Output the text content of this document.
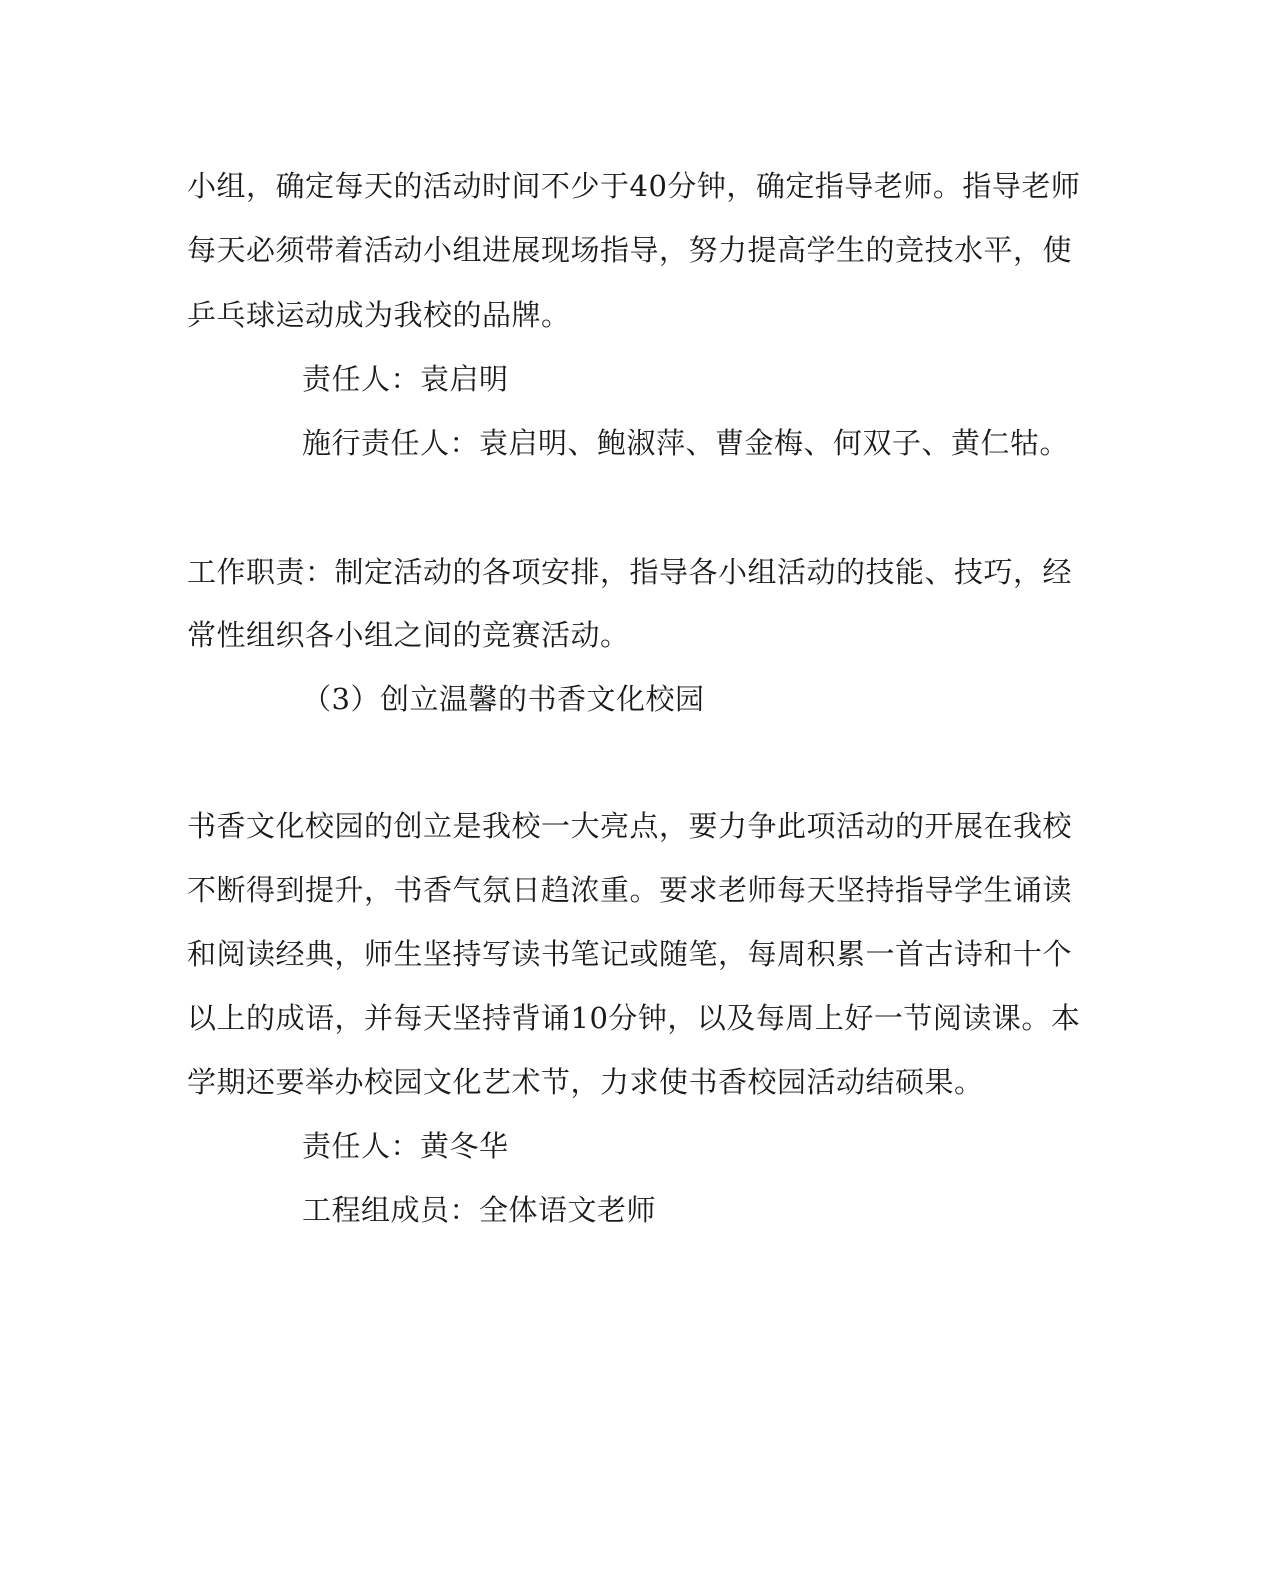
小组，确定每天的活动时间不少于40分钟，确定指导老师。指导老师
每天必须带着活动小组进展现场指导，努力提高学生的竞技水平，使
乒乓球运动成为我校的品牌。
责任人：袁启明
施行责任人：袁启明、鲍淑萍、曹金梅、何双子、黄仁牯。
工作职责：制定活动的各项安排，指导各小组活动的技能、技巧，经
常性组织各小组之间的竞赛活动。
（3）创立温馨的书香文化校园
书香文化校园的创立是我校一大亮点，要力争此项活动的开展在我校
不断得到提升，书香气氛日趋浓重。要求老师每天坚持指导学生诵读
和阅读经典，师生坚持写读书笔记或随笔，每周积累一首古诗和十个
以上的成语，并每天坚持背诵10分钟，以及每周上好一节阅读课。本
学期还要举办校园文化艺术节，力求使书香校园活动结硕果。
责任人：黄冬华
工程组成员：全体语文老师
